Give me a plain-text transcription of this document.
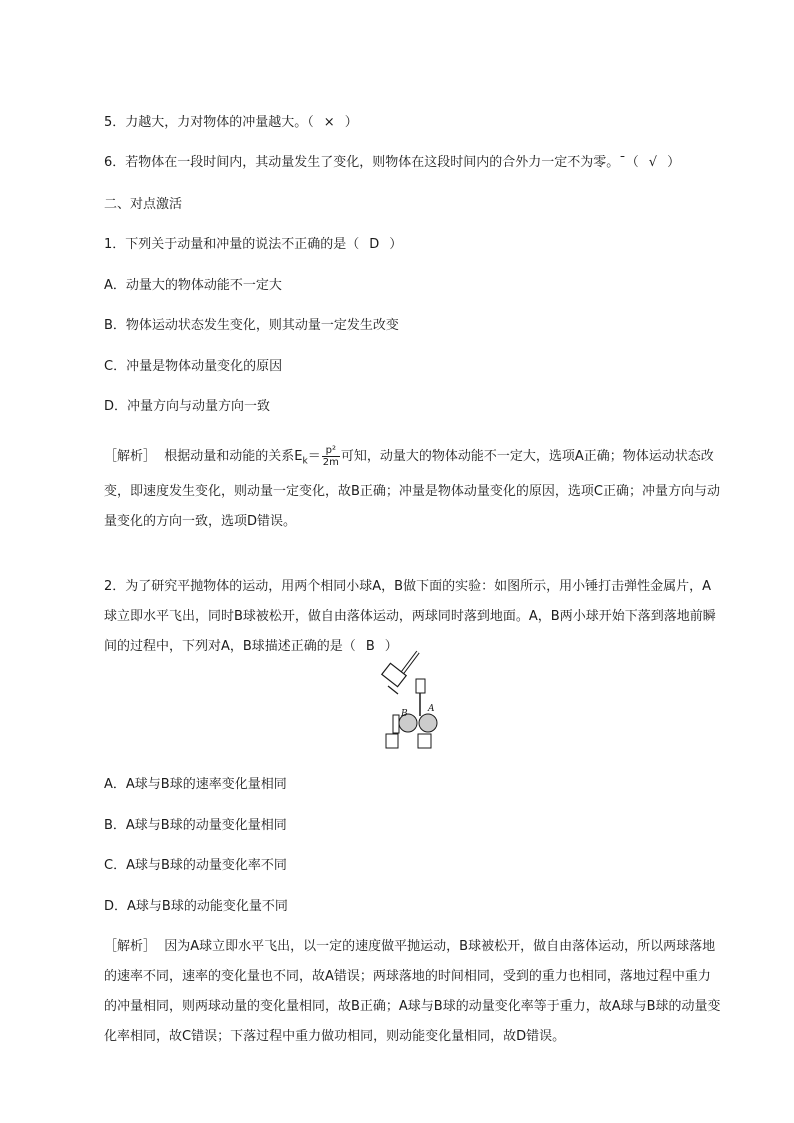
5．力越大，力对物体的冲量越大。（ × ）
6．若物体在一段时间内，其动量发生了变化，则物体在这段时间内的合外力一定不为零。ˉ（ √ ）
二、对点激活
1．下列关于动量和冲量的说法不正确的是（ D ）
A．动量大的物体动能不一定大
B．物体运动状态发生变化，则其动量一定发生改变
C．冲量是物体动量变化的原因
D．冲量方向与动量方向一致
［解析］ 根据动量和动能的关系$E_k= \frac{\text{p²}}{2m}$ 可知，动量大的物体动能不一定大，选项A正确；物体运动状态改变，即速度发生变化，则动量一定变化，故B正确；冲量是物体动量变化的原因，选项C正确；冲量方向与动量变化的方向一致，选项D错误。
2．为了研究平抛物体的运动，用两个相同小球A，B做下面的实验：如图所示，用小锤打击弹性金属片，A球立即水平飞出，同时B球被松开，做自由落体运动，两球同时落到地面。A，B两小球开始下落到落地前瞬间的过程中，下列对A，B球描述正确的是（ B ）
B A
A．A球与B球的速率变化量相同
B．A球与B球的动量变化量相同
C．A球与B球的动量变化率不同
D．A球与B球的动能变化量不同
［解析］ 因为A球立即水平飞出，以一定的速度做平抛运动，B球被松开，做自由落体运动，所以两球落地的速率不同，速率的变化量也不同，故A错误；两球落地的时间相同，受到的重力也相同，落地过程中重力的冲量相同，则两球动量的变化量相同，故B正确；A球与B球的动量变化率等于重力，故A球与B球的动量变化率相同，故C错误；下落过程中重力做功相同，则动能变化量相同，故D错误。
